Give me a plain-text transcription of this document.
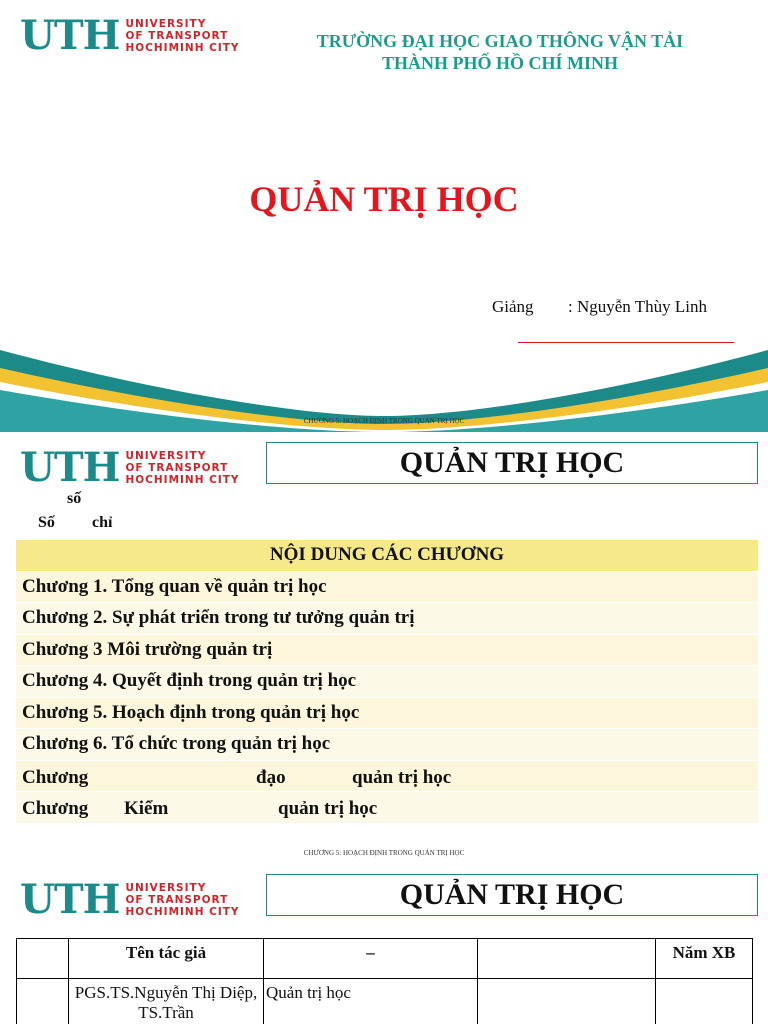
UTH UNIVERSITY
OF TRANSPORT
HOCHIMINH CITY	TRƯỜNG ĐẠI HỌC GIAO THÔNG VẬN TẢI
THÀNH PHỐ HỒ CHÍ MINH
QUẢN TRỊ HỌC
Giảng : Nguyễn Thùy Linh
CHƯƠNG 5: HOẠCH ĐỊNH TRONG QUẢN TRỊ HỌC
UTH UNIVERSITY
OF TRANSPORT
HOCHIMINH CITY
QUẢN TRỊ HỌC
số
Số chỉ
NỘI DUNG CÁC CHƯƠNG
Chương 1. Tổng quan về quản trị học
Chương 2. Sự phát triển trong tư tưởng quản trị
Chương 3 Môi trường quản trị
Chương 4. Quyết định trong quản trị học
Chương 5. Hoạch định trong quản trị học
Chương 6. Tổ chức trong quản trị học
Chương	đạo	quản trị học
Chương Kiểm	quản trị học
CHƯƠNG 5: HOẠCH ĐỊNH TRONG QUẢN TRỊ HỌC
UTH UNIVERSITY
OF TRANSPORT
HOCHIMINH CITY
QUẢN TRỊ HỌC
	Tên tác giả	–		Năm XB
	PGS.TS.Nguyễn Thị Diệp, TS.Trần	Quản trị học		
